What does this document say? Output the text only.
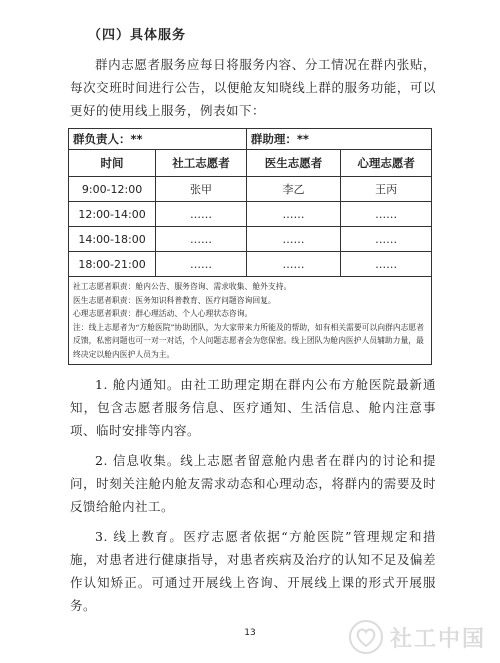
（四）具体服务
群内志愿者服务应每日将服务内容、分工情况在群内张贴，每次交班时间进行公告，以便舱友知晓线上群的服务功能，可以更好的使用线上服务，例表如下：
群负责人：**		群助理：**	
时间	社工志愿者	医生志愿者	心理志愿者
9:00-12:00	张甲	李乙	王丙
12:00-14:00	……	……	……
14:00-18:00	……	……	……
18:00-21:00	……	……	……

社工志愿者职责：舱内公告、服务咨询、需求收集、舱外支持。
医生志愿者职责：医务知识科普教育、医疗问题咨询回复。
心理志愿者职责：群心理活动、个人心理状态咨询。
注：线上志愿者为“方舱医院”协助团队，为大家带来力所能及的帮助，如有相关需要可以向群内志愿者反馈，私密问题也可一对一对话，个人问题志愿者会为您保密。线上团队为舱内医护人员辅助力量，最终决定以舱内医护人员为主。			
1. 舱内通知。由社工助理定期在群内公布方舱医院最新通知，包含志愿者服务信息、医疗通知、生活信息、舱内注意事项、临时安排等内容。
2. 信息收集。线上志愿者留意舱内患者在群内的讨论和提问，时刻关注舱内舱友需求动态和心理动态，将群内的需要及时反馈给舱内社工。
3. 线上教育。医疗志愿者依据“方舱医院”管理规定和措施，对患者进行健康指导，对患者疾病及治疗的认知不足及偏差作认知矫正。可通过开展线上咨询、开展线上课的形式开展服务。
13	社工中国
